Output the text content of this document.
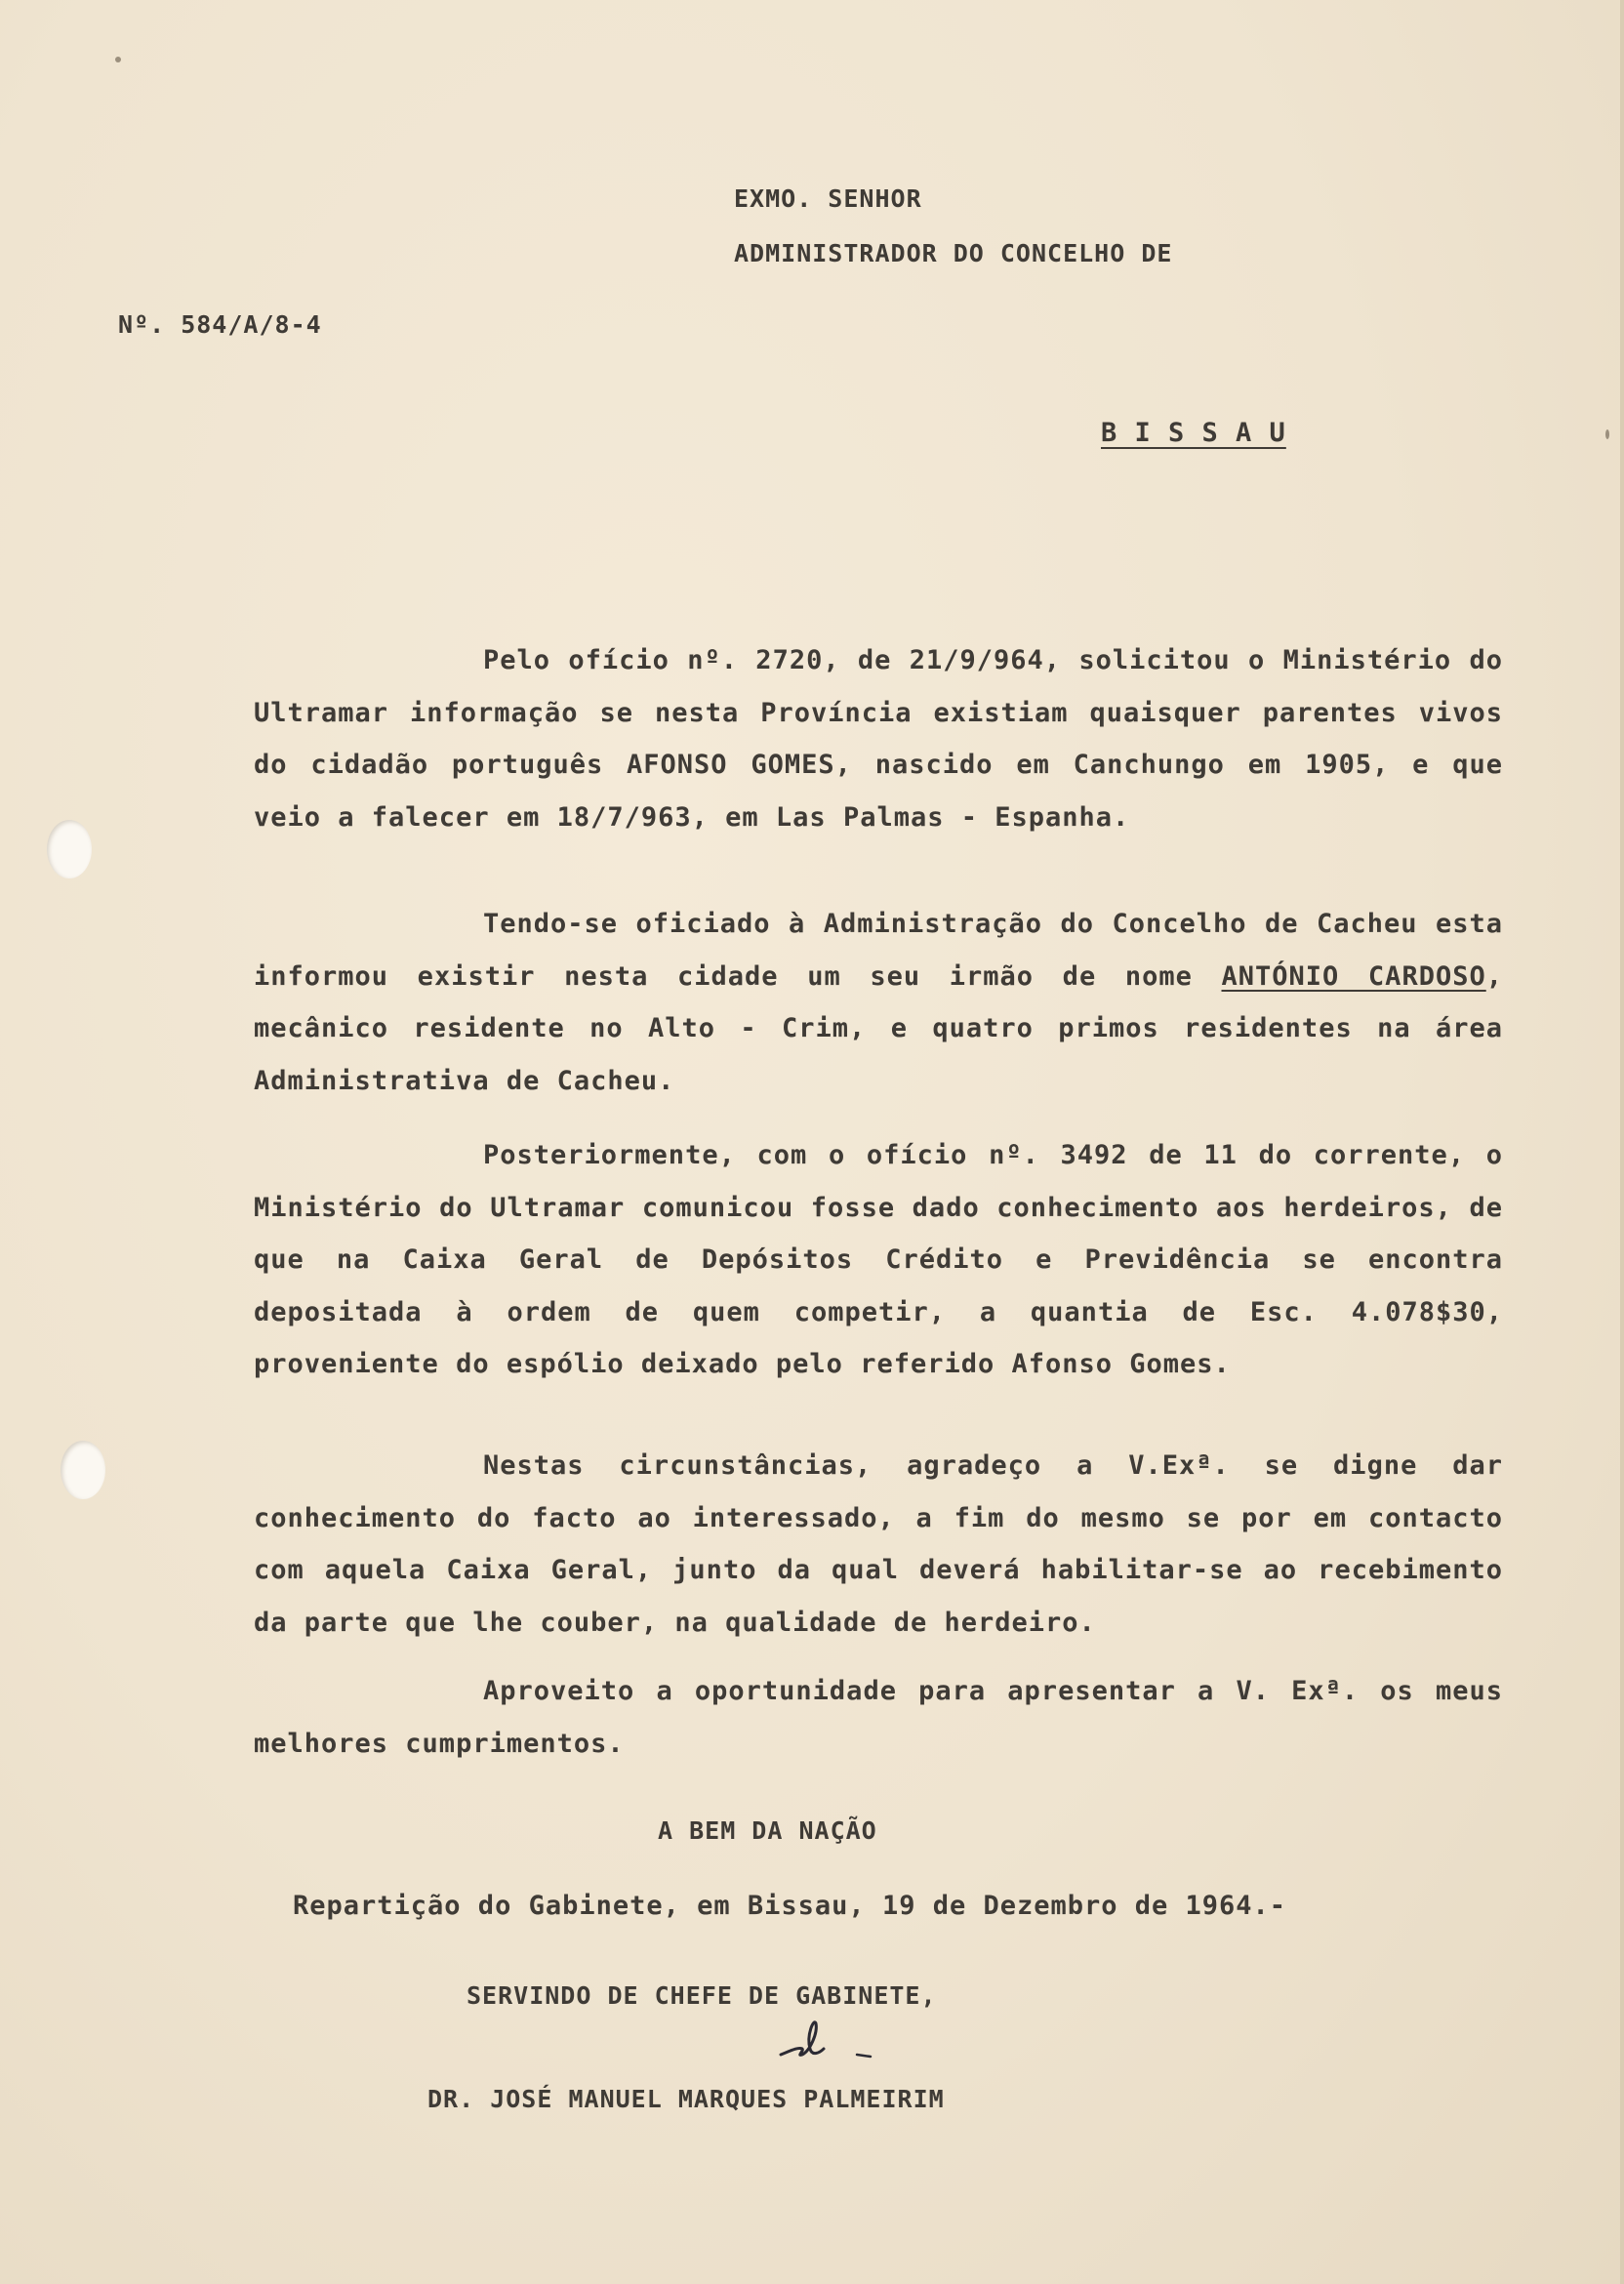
EXMO. SENHOR
ADMINISTRADOR DO CONCELHO DE
Nº. 584/A/8-4
B I S S A U

Pelo ofício nº. 2720, de 21/9/964, solicitou o Ministério do Ultramar informação se nesta Província existiam quaisquer parentes vivos do cidadão português AFONSO GOMES, nascido em Canchungo em 1905, e que veio a falecer em 18/7/963, em Las Palmas - Espanha.

Tendo-se oficiado à Administração do Concelho de Cacheu esta informou existir nesta cidade um seu irmão de nome ANTÓNIO CARDOSO, mecânico residente no Alto - Crim, e quatro primos residentes na área Administrativa de Cacheu.

Posteriormente, com o ofício nº. 3492 de 11 do corrente, o Ministério do Ultramar comunicou fosse dado conhecimento aos herdeiros, de que na Caixa Geral de Depósitos Crédito e Previdência se encontra depositada à ordem de quem competir, a quantia de Esc. 4.078$30, proveniente do espólio deixado pelo referido Afonso Gomes.

Nestas circunstâncias, agradeço a V.Exª. se digne dar conhecimento do facto ao interessado, a fim do mesmo se por em contacto com aquela Caixa Geral, junto da qual deverá habilitar-se ao recebimento da parte que lhe couber, na qualidade de herdeiro.

Aproveito a oportunidade para apresentar a V. Exª. os meus melhores cumprimentos.

A BEM DA NAÇÃO
Repartição do Gabinete, em Bissau, 19 de Dezembro de 1964.-
SERVINDO DE CHEFE DE GABINETE,
DR. JOSÉ MANUEL MARQUES PALMEIRIM
